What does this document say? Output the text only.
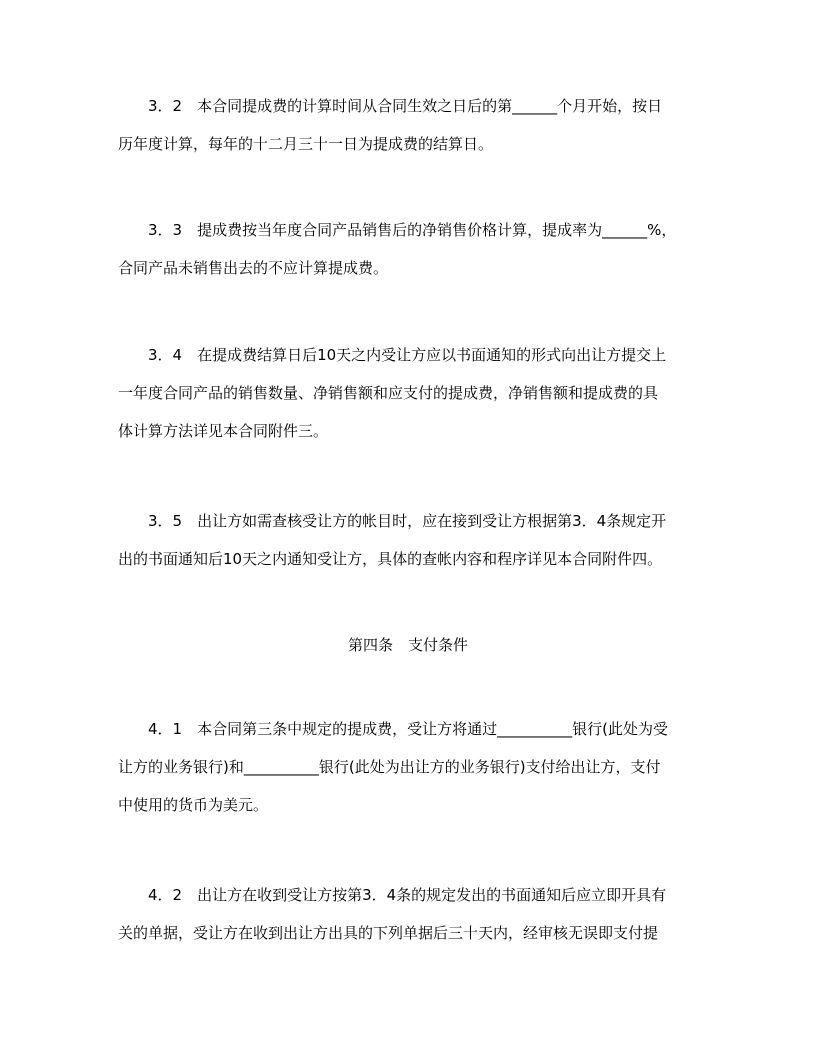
3．2　本合同提成费的计算时间从合同生效之日后的第______个月开始，按日
历年度计算，每年的十二月三十一日为提成费的结算日。
3．3　提成费按当年度合同产品销售后的净销售价格计算，提成率为______%，
合同产品未销售出去的不应计算提成费。
3．4　在提成费结算日后10天之内受让方应以书面通知的形式向出让方提交上
一年度合同产品的销售数量、净销售额和应支付的提成费，净销售额和提成费的具
体计算方法详见本合同附件三。
3．5　出让方如需查核受让方的帐目时，应在接到受让方根据第3．4条规定开
出的书面通知后10天之内通知受让方，具体的查帐内容和程序详见本合同附件四。
第四条　支付条件
4．1　本合同第三条中规定的提成费，受让方将通过__________银行(此处为受
让方的业务银行)和__________银行(此处为出让方的业务银行)支付给出让方，支付
中使用的货币为美元。
4．2　出让方在收到受让方按第3．4条的规定发出的书面通知后应立即开具有
关的单据，受让方在收到出让方出具的下列单据后三十天内，经审核无误即支付提
